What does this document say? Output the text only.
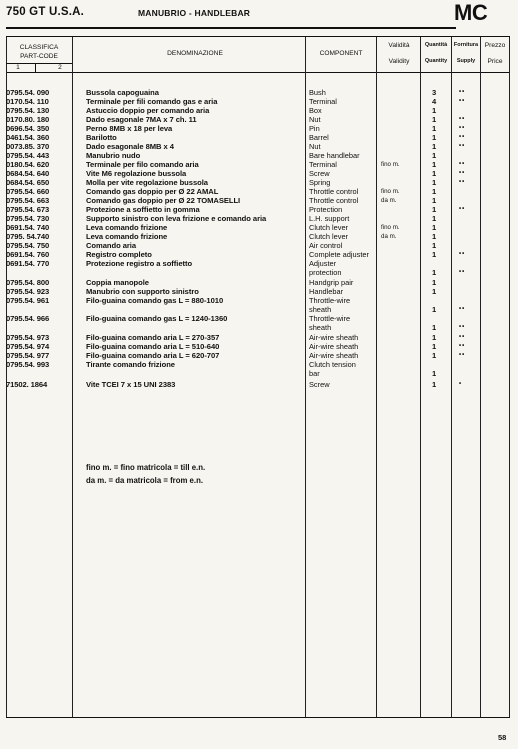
750 GT U.S.A.	MANUBRIO - HANDLEBAR	MC
CLASSIFICA PART-CODE
1	2
DENOMINAZIONE	COMPONENT
Validità
Validity
Quantità
Quantity
Fornitura
Supply
Prezzo
Price
0795.54. 090	Bussola capoguaina	Bush	3	••
0170.54. 110	Terminale per fili comando gas e aria	Terminal	4	••
0795.54. 130	Astuccio doppio per comando aria	Box	1
0170.80. 180	Dado esagonale 7MA x 7 ch. 11	Nut	1	••
0696.54. 350	Perno 8MB x 18 per leva	Pin	1	••
0461.54. 360	Barilotto	Barrel	1	••
0073.85. 370	Dado esagonale 8MB x 4	Nut	1	••
0795.54. 443	Manubrio nudo	Bare handlebar	1
0180.54. 620	Terminale per filo comando aria	Terminal	fino m.	1	••
0684.54. 640	Vite M6 regolazione bussola	Screw	1	••
0684.54. 650	Molla per vite regolazione bussola	Spring	1	••
0795.54. 660	Comando gas doppio per Ø 22 AMAL	Throttle control	fino m.	1
0795.54. 663	Comando gas doppio per Ø 22 TOMASELLI	Throttle control	da m.	1
0795.54. 673	Protezione a soffietto in gomma	Protection	1	••
0795.54. 730	Supporto sinistro con leva frizione e comando aria	L.H. support	1
0691.54. 740	Leva comando frizione	Clutch lever	fino m.	1
0795. 54.740	Leva comando frizione	Clutch lever	da m.	1
0795.54. 750	Comando aria	Air control	1
0691.54. 760	Registro completo	Complete adjuster	1	••
0691.54. 770	Protezione registro a soffietto	Adjuster
protection	1	••
0795.54. 800	Coppia manopole	Handgrip pair	1
0795.54. 923	Manubrio con supporto sinistro	Handlebar	1
0795.54. 961	Filo-guaina comando gas L = 880-1010	Throttle-wire
sheath	1	••
0795.54. 966	Filo-guaina comando gas L = 1240-1360	Throttle-wire
sheath	1	••
0795.54. 973	Filo-guaina comando aria L = 270-357	Air-wire sheath	1	••
0795.54. 974	Filo-guaina comando aria L = 510-640	Air-wire sheath	1	••
0795.54. 977	Filo-guaina comando aria L = 620-707	Air-wire sheath	1	••
0795.54. 993	Tirante comando frizione	Clutch tension
bar	1
71502. 1864	Vite TCEI 7 x 15 UNI 2383	Screw	1	•
fino m. = fino matricola = till e.n.
da m. = da matricola = from e.n.
58
